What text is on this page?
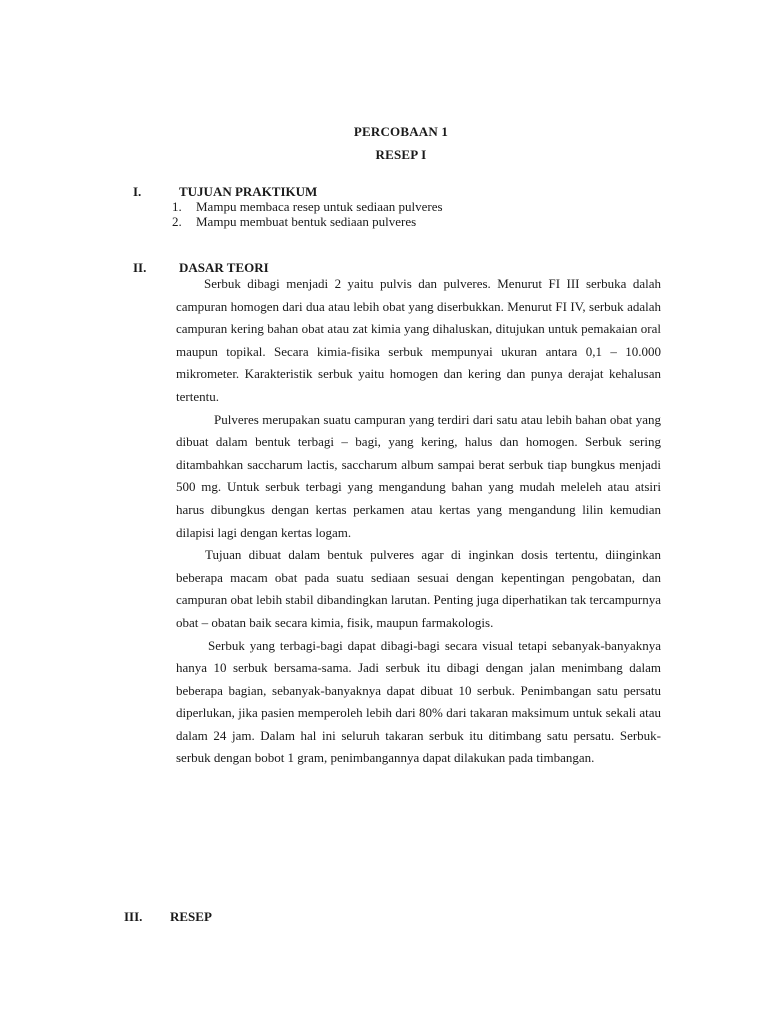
PERCOBAAN 1
RESEP I
I.	TUJUAN PRAKTIKUM
1.	Mampu membaca resep untuk sediaan pulveres
2.	Mampu membuat bentuk sediaan pulveres
II.	DASAR TEORI

Serbuk dibagi menjadi 2 yaitu pulvis dan pulveres. Menurut FI III serbuka dalah campuran homogen dari dua atau lebih obat yang diserbukkan. Menurut FI IV, serbuk adalah campuran kering bahan obat atau zat kimia yang dihaluskan, ditujukan untuk pemakaian oral maupun topikal. Secara kimia-fisika serbuk mempunyai ukuran antara 0,1 – 10.000 mikrometer. Karakteristik serbuk yaitu homogen dan kering dan punya derajat kehalusan tertentu.

Pulveres merupakan suatu campuran yang terdiri dari satu atau lebih bahan obat yang dibuat dalam bentuk terbagi – bagi, yang kering, halus dan homogen. Serbuk sering ditambahkan saccharum lactis, saccharum album sampai berat serbuk tiap bungkus menjadi 500 mg. Untuk serbuk terbagi yang mengandung bahan yang mudah meleleh atau atsiri harus dibungkus dengan kertas perkamen atau kertas yang mengandung lilin kemudian dilapisi lagi dengan kertas logam.

Tujuan dibuat dalam bentuk pulveres agar di inginkan dosis tertentu, diinginkan beberapa macam obat pada suatu sediaan sesuai dengan kepentingan pengobatan, dan campuran obat lebih stabil dibandingkan larutan. Penting juga diperhatikan tak tercampurnya obat – obatan baik secara kimia, fisik, maupun farmakologis.

Serbuk yang terbagi-bagi dapat dibagi-bagi secara visual tetapi sebanyak-banyaknya hanya 10 serbuk bersama-sama. Jadi serbuk itu dibagi dengan jalan menimbang dalam beberapa bagian, sebanyak-banyaknya dapat dibuat 10 serbuk. Penimbangan satu persatu diperlukan, jika pasien memperoleh lebih dari 80% dari takaran maksimum untuk sekali atau dalam 24 jam. Dalam hal ini seluruh takaran serbuk itu ditimbang satu persatu. Serbuk-serbuk dengan bobot 1 gram, penimbangannya dapat dilakukan pada timbangan.

III. RESEP
